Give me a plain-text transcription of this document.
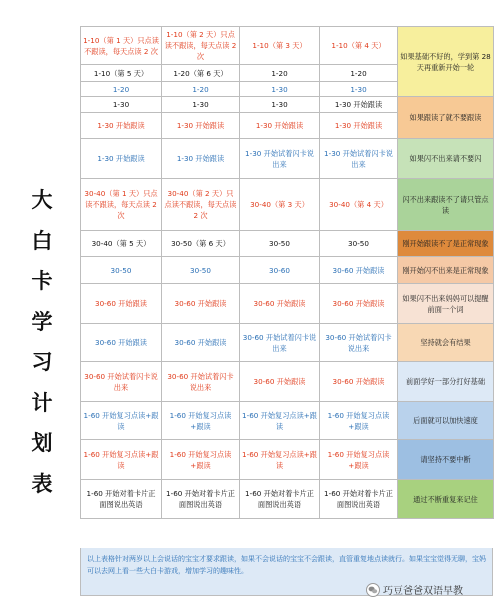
大
白
卡
学
习
计
划
表
1-10（第 1 天）只点读不跟读，每天点读 2 次	1-10（第 2 天）只点读不跟读，每天点读 2 次	1-10（第 3 天）	1-10（第 4 天）	如果基础不好的，学到第 28 天再重新开始一轮
1-10（第 5 天）	1-20（第 6 天）	1-20	1-20	
1-20	1-20	1-30	1-30	
1-30	1-30	1-30	1-30 开始跟读	如果跟读了就不要跟读
1-30 开始跟读	1-30 开始跟读	1-30 开始跟读	1-30 开始跟读	
1-30 开始跟读	1-30 开始跟读	1-30 开始试着闪卡说出来	1-30 开始试着闪卡说出来	如果闪不出来请不要闪
30-40（第 1 天）只点读不跟读，每天点读 2 次	30-40（第 2 天）只点读不跟读，每天点读 2 次	30-40（第 3 天）	30-40（第 4 天）	闪不出来跟读不了请只管点读
30-40（第 5 天）	30-50（第 6 天）	30-50	30-50	刚开始跟读不了是正常现象
30-50	30-50	30-60	30-60 开始跟读	刚开始闪不出来是正常现象
30-60 开始跟读	30-60 开始跟读	30-60 开始跟读	30-60 开始跟读	如果闪不出来妈妈可以提醒前面一个词
30-60 开始跟读	30-60 开始跟读	30-60 开始试着闪卡说出来	30-60 开始试着闪卡说出来	坚持就会有结果
30-60 开始试着闪卡说出来	30-60 开始试着闪卡说出来	30-60 开始跟读	30-60 开始跟读	前面学好一部分打好基础
1-60 开始复习点读+跟读	1-60 开始复习点读+跟读	1-60 开始复习点读+跟读	1-60 开始复习点读+跟读	后面就可以加快速度
1-60 开始复习点读+跟读	1-60 开始复习点读+跟读	1-60 开始复习点读+跟读	1-60 开始复习点读+跟读	请坚持不要中断
1-60 开始对着卡片正面图说出英语	1-60 开始对着卡片正面图说出英语	1-60 开始对着卡片正面图说出英语	1-60 开始对着卡片正面图说出英语	通过不断重复来记住

以上表格针对两岁以上会说话的宝宝才要求跟读，如果不会说话的宝宝不会跟读，直管重复地点读就行。如果宝宝觉得无聊，宝妈可以去网上看一些大白卡游戏，增加学习的趣味性。

巧豆爸爸双语早教
